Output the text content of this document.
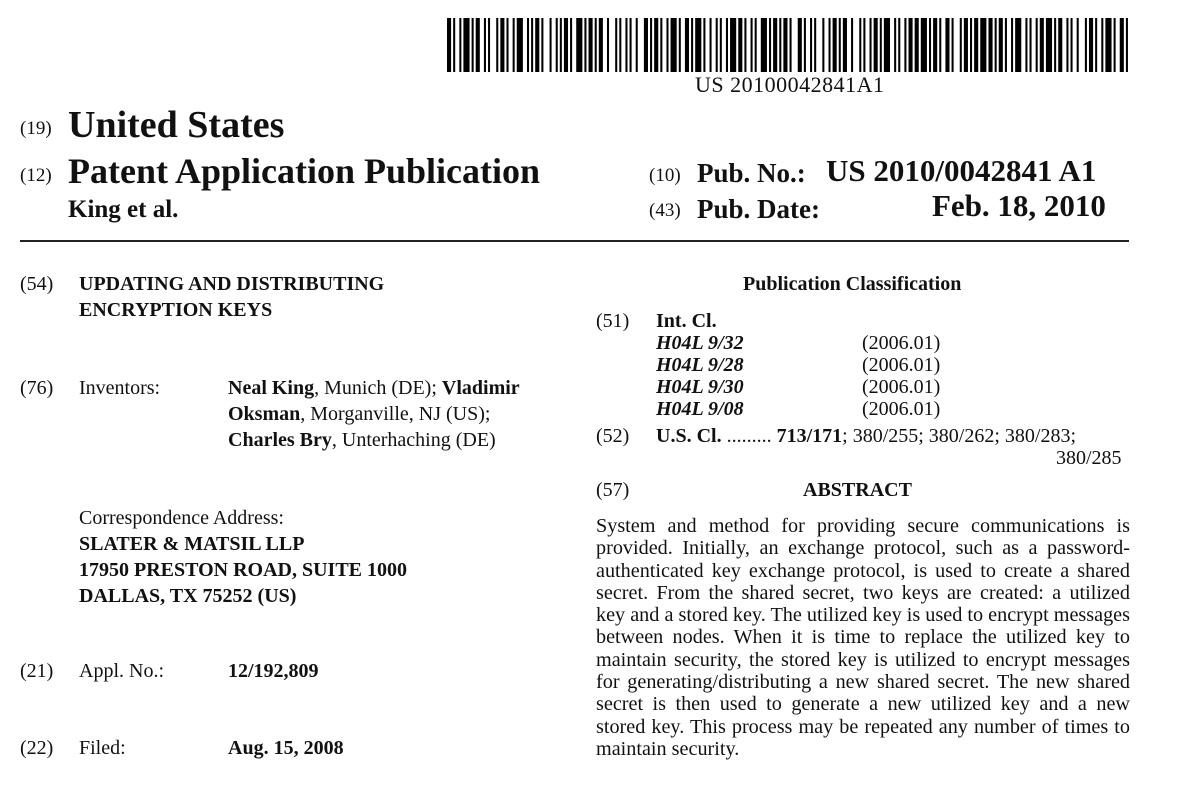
US 20100042841A1
(19) United States
(12) Patent Application Publication
King et al.
(10) Pub. No.: US 2010/0042841 A1
(43) Pub. Date:	Feb. 18, 2010
(54) UPDATING AND DISTRIBUTING
ENCRYPTION KEYS
(76) Inventors:	Neal King, Munich (DE); Vladimir
Oksman, Morganville, NJ (US);
Charles Bry, Unterhaching (DE)
Correspondence Address:
SLATER & MATSIL LLP
17950 PRESTON ROAD, SUITE 1000
DALLAS, TX 75252 (US)
(21) Appl. No.:	12/192,809
(22) Filed:	Aug. 15, 2008
Publication Classification
(51) Int. Cl.
H04L 9/32	(2006.01)
H04L 9/28	(2006.01)
H04L 9/30	(2006.01)
H04L 9/08	(2006.01)
(52) U.S. Cl. ......... 713/171; 380/255; 380/262; 380/283;
380/285
(57)	ABSTRACT
System and method for providing secure communications is provided. Initially, an exchange protocol, such as a password-authenticated key exchange protocol, is used to create a shared secret. From the shared secret, two keys are created: a utilized key and a stored key. The utilized key is used to encrypt messages between nodes. When it is time to replace the utilized key to maintain security, the stored key is utilized to encrypt messages for generating/distributing a new shared secret. The new shared secret is then used to generate a new utilized key and a new stored key. This process may be repeated any number of times to maintain security.
